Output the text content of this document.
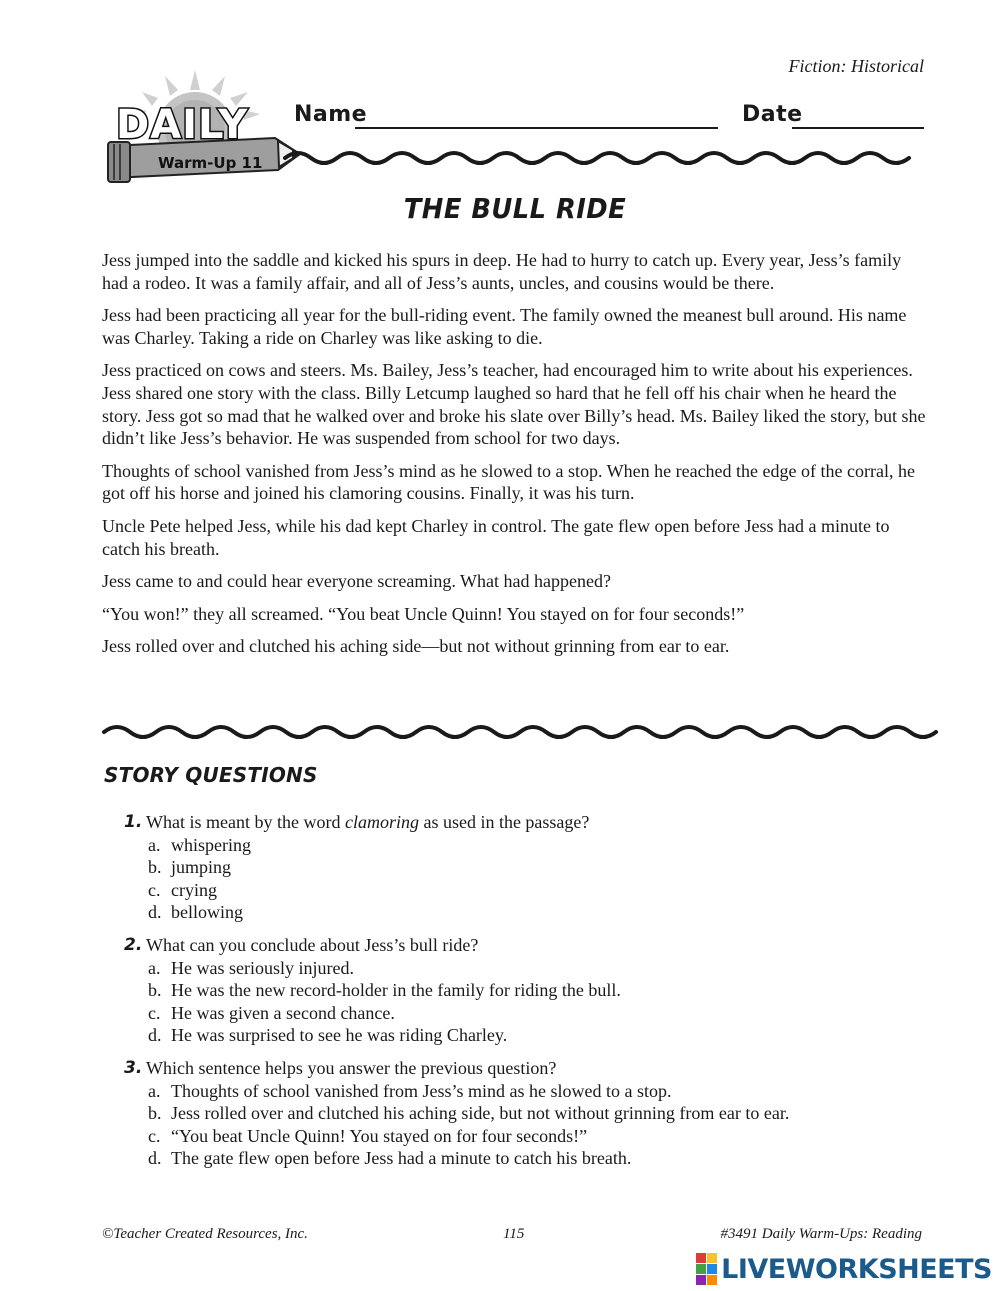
Fiction: Historical
DAILY
Warm-Up 11
Name	Date
THE BULL RIDE

Jess jumped into the saddle and kicked his spurs in deep. He had to hurry to catch up. Every year, Jess’s family had a rodeo. It was a family affair, and all of Jess’s aunts, uncles, and cousins would be there.

Jess had been practicing all year for the bull-riding event. The family owned the meanest bull around. His name was Charley. Taking a ride on Charley was like asking to die.

Jess practiced on cows and steers. Ms. Bailey, Jess’s teacher, had encouraged him to write about his experiences. Jess shared one story with the class. Billy Letcump laughed so hard that he fell off his chair when he heard the story. Jess got so mad that he walked over and broke his slate over Billy’s head. Ms. Bailey liked the story, but she didn’t like Jess’s behavior. He was suspended from school for two days.

Thoughts of school vanished from Jess’s mind as he slowed to a stop. When he reached the edge of the corral, he got off his horse and joined his clamoring cousins. Finally, it was his turn.

Uncle Pete helped Jess, while his dad kept Charley in control. The gate flew open before Jess had a minute to catch his breath.

Jess came to and could hear everyone screaming. What had happened?

“You won!” they all screamed. “You beat Uncle Quinn! You stayed on for four seconds!”

Jess rolled over and clutched his aching side—but not without grinning from ear to ear.

STORY QUESTIONS
1. What is meant by the word clamoring as used in the passage?
a. whispering
b. jumping
c. crying
d. bellowing
2. What can you conclude about Jess’s bull ride?
a. He was seriously injured.
b. He was the new record-holder in the family for riding the bull.
c. He was given a second chance.
d. He was surprised to see he was riding Charley.
3. Which sentence helps you answer the previous question?
a. Thoughts of school vanished from Jess’s mind as he slowed to a stop.
b. Jess rolled over and clutched his aching side, but not without grinning from ear to ear.
c. “You beat Uncle Quinn! You stayed on for four seconds!”
d. The gate flew open before Jess had a minute to catch his breath.
©Teacher Created Resources, Inc.	115	#3491 Daily Warm-Ups: Reading
LIVEWORKSHEETS
